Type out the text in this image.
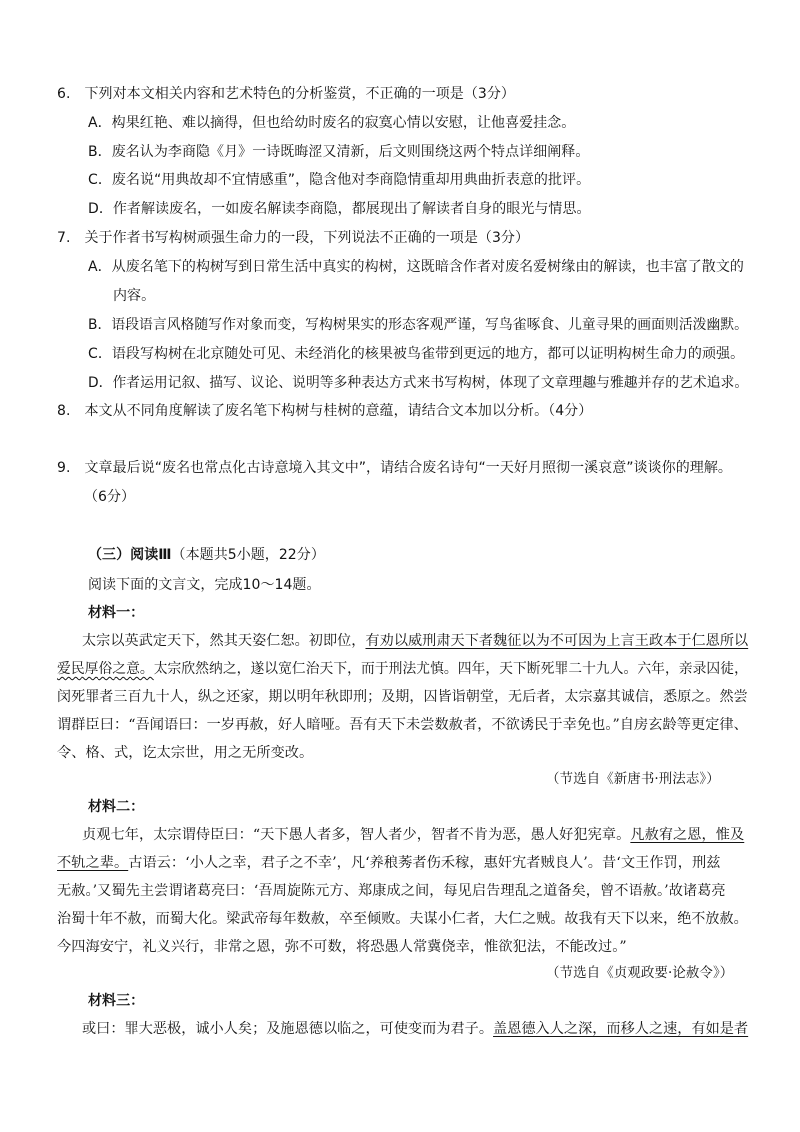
6.　下列对本文相关内容和艺术特色的分析鉴赏，不正确的一项是（3分）
A．构果红艳、难以摘得，但也给幼时废名的寂寞心情以安慰，让他喜爱挂念。
B．废名认为李商隐《月》一诗既晦涩又清新，后文则围绕这两个特点详细阐释。
C．废名说“用典故却不宜情感重”，隐含他对李商隐情重却用典曲折表意的批评。
D．作者解读废名，一如废名解读李商隐，都展现出了解读者自身的眼光与情思。
7.　关于作者书写构树顽强生命力的一段，下列说法不正确的一项是（3分）
A．从废名笔下的构树写到日常生活中真实的构树，这既暗含作者对废名爱树缘由的解读，也丰富了散文的
内容。
B．语段语言风格随写作对象而变，写构树果实的形态客观严谨，写鸟雀啄食、儿童寻果的画面则活泼幽默。
C．语段写构树在北京随处可见、未经消化的核果被鸟雀带到更远的地方，都可以证明构树生命力的顽强。
D．作者运用记叙、描写、议论、说明等多种表达方式来书写构树，体现了文章理趣与雅趣并存的艺术追求。
8.　本文从不同角度解读了废名笔下构树与桂树的意蕴，请结合文本加以分析。（4分）
9.　文章最后说“废名也常点化古诗意境入其文中”，请结合废名诗句“一天好月照彻一溪哀意”谈谈你的理解。
（6分）
（三）阅读Ⅲ（本题共5小题，22分）
阅读下面的文言文，完成10～14题。
材料一：
太宗以英武定天下，然其天姿仁恕。初即位，有劝以威刑肃天下者魏征以为不可因为上言王政本于仁恩所以
爱民厚俗之意。太宗欣然纳之，遂以宽仁治天下，而于刑法尤慎。四年，天下断死罪二十九人。六年，亲录囚徒，
闵死罪者三百九十人，纵之还家，期以明年秋即刑；及期，囚皆诣朝堂，无后者，太宗嘉其诚信，悉原之。然尝
谓群臣曰：“吾闻语曰：一岁再赦，好人暗哑。吾有天下未尝数赦者，不欲诱民于幸免也。”自房玄龄等更定律、
令、格、式，讫太宗世，用之无所变改。
（节选自《新唐书·刑法志》）
材料二：
贞观七年，太宗谓侍臣曰：“天下愚人者多，智人者少，智者不肯为恶，愚人好犯宪章。凡赦宥之恩，惟及
不轨之辈。古语云：‘小人之幸，君子之不幸’，凡‘养稂莠者伤禾稼，惠奸宄者贼良人’。昔‘文王作罚，刑兹
无赦。’又蜀先主尝谓诸葛亮曰：‘吾周旋陈元方、郑康成之间，每见启告理乱之道备矣，曾不语赦。’故诸葛亮
治蜀十年不赦，而蜀大化。梁武帝每年数赦，卒至倾败。夫谋小仁者，大仁之贼。故我有天下以来，绝不放赦。
今四海安宁，礼义兴行，非常之恩，弥不可数，将恐愚人常冀侥幸，惟欲犯法，不能改过。”
（节选自《贞观政要·论赦令》）
材料三：
或曰：罪大恶极，诚小人矣；及施恩德以临之，可使变而为君子。盖恩德入人之深，而移人之速，有如是者
